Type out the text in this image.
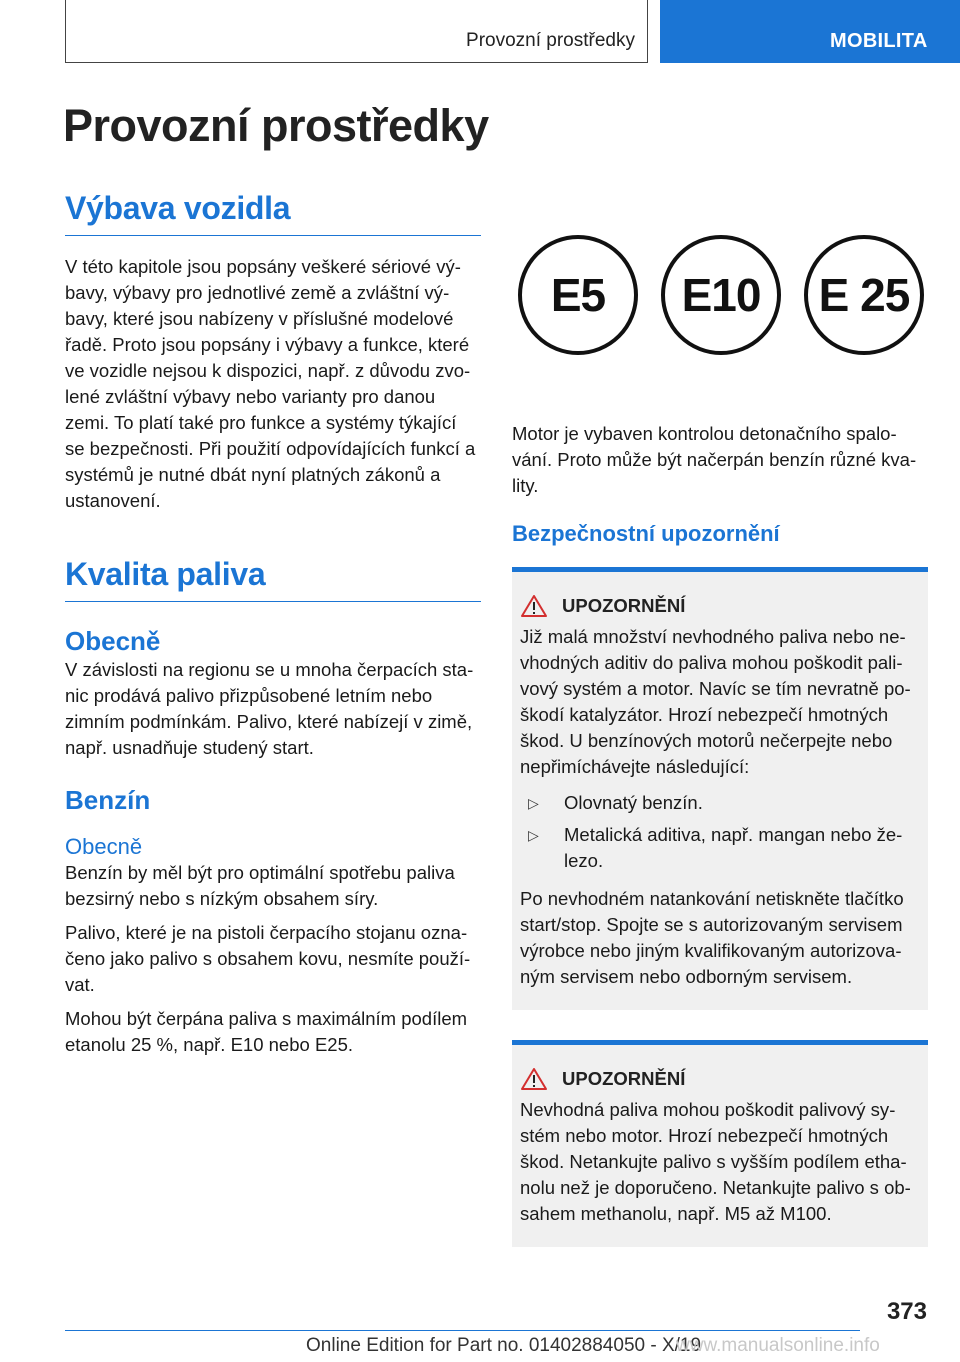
Provozní prostředky	MOBILITA
Provozní prostředky
Výbava vozidla

V této kapitole jsou popsány veškeré sériové výbavy, výbavy pro jednotlivé země a zvláštní výbavy, které jsou nabízeny v příslušné modelové řadě. Proto jsou popsány i výbavy a funkce, které ve vozidle nejsou k dispozici, např. z důvodu zvolené zvláštní výbavy nebo varianty pro danou zemi. To platí také pro funkce a systémy týkající se bezpečnosti. Při použití odpovídajících funkcí a systémů je nutné dbát nyní platných zákonů a ustanovení.

Kvalita paliva
Obecně

V závislosti na regionu se u mnoha čerpacích stanic prodává palivo přizpůsobené letním nebo zimním podmínkám. Palivo, které nabízejí v zimě, např. usnadňuje studený start.

Benzín
Obecně

Benzín by měl být pro optimální spotřebu paliva bezsirný nebo s nízkým obsahem síry.

Palivo, které je na pistoli čerpacího stojanu označeno jako palivo s obsahem kovu, nesmíte používat.

Mohou být čerpána paliva s maximálním podílem etanolu 25 %, např. E10 nebo E25.

E5	E10	E 25

Motor je vybaven kontrolou detonačního spalování. Proto může být načerpán benzín různé kvality.

Bezpečnostní upozornění
UPOZORNĚNÍ

Již malá množství nevhodného paliva nebo nevhodných aditiv do paliva mohou poškodit palivový systém a motor. Navíc se tím nevratně poškodí katalyzátor. Hrozí nebezpečí hmotných škod. U benzínových motorů nečerpejte nebo nepřimíchávejte následující:

▷	Olovnatý benzín.
▷	Metalická aditiva, např. mangan nebo železo.

Po nevhodném natankování netiskněte tlačítko start/stop. Spojte se s autorizovaným servisem výrobce nebo jiným kvalifikovaným autorizovaným servisem nebo odborným servisem.

UPOZORNĚNÍ

Nevhodná paliva mohou poškodit palivový systém nebo motor. Hrozí nebezpečí hmotných škod. Netankujte palivo s vyšším podílem ethanolu než je doporučeno. Netankujte palivo s obsahem methanolu, např. M5 až M100.

373
Online Edition for Part no. 01402884050 - X/19
www.manualsonline.info
